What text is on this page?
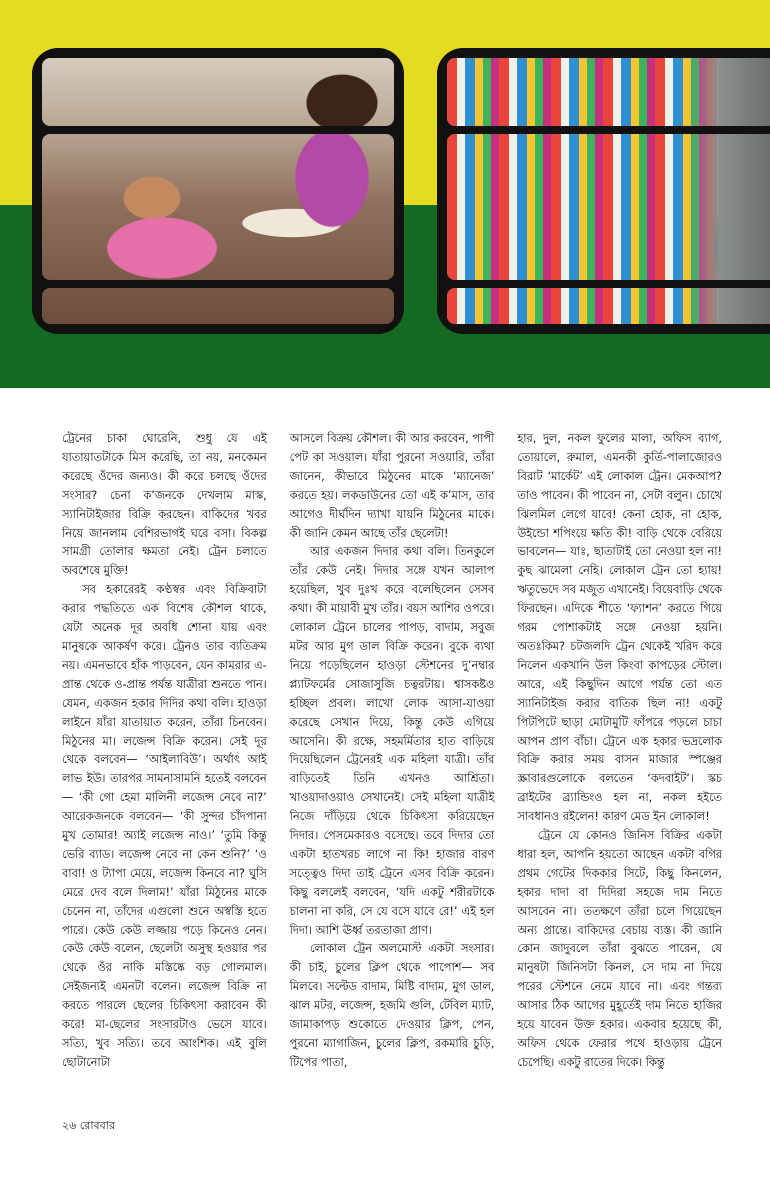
ট্রেনের চাকা ঘোরেনি, শুধু যে এই যাতায়াতটাকে মিস করেছি, তা নয়, মনকেমন করেছে ওঁদের জন্যও। কী করে চলছে ওঁদের সংসার? চেনা ক’জনকে দেখলাম মাস্ক, স্যানিটাইজার বিক্রি করছেন। বাকিদের খবর নিয়ে জানলাম বেশিরভাগই ঘরে বসা। বিকল্প সামগ্রী তোলার ক্ষমতা নেই। ট্রেন চলাতে অবশেষে মুক্তি!

সব হকারেরই কণ্ঠস্বর এবং বিক্রিবাটা করার পদ্ধতিতে এক বিশেষ কৌশল থাকে, যেটা অনেক দূর অবধি শোনা যায় এবং মানুষকে আকর্ষণ করে। ট্রেনও তার ব্যতিক্রম নয়। এমনভাবে হাঁক পাড়বেন, যেন কামরার এ-প্রান্ত থেকে ও-প্রান্ত পর্যন্ত যাত্রীরা শুনতে পান। যেমন, একজন হকার দিদির কথা বলি। হাওড়া লাইনে যাঁরা যাতায়াত করেন, তাঁরা চিনবেন। মিঠুনের মা। লজেন্স বিক্রি করেন। সেই দূর থেকে বলবেন— ‘আইলাবিউ’। অর্থাৎ আই লাভ ইউ। তারপর সামনাসামনি হতেই বলবেন— ‘কী গো হেমা মালিনী লজেন্স নেবে না?’ আরেকজনকে বলবেন— ‘কী সুন্দর চাঁদপানা মুখ তোমার! অ্যাই লজেন্স নাও।’ ‘তুমি কিন্তু ভেরি ব্যাড। লজেন্স নেবে না কেন শুনি?’ ‘ও বাবা! ও ট্যাপা মেয়ে, লজেন্স কিনবে না? ঘুসি মেরে দেব বলে দিলাম!’ যাঁরা মিঠুনের মাকে চেনেন না, তাঁদের এগুলো শুনে অস্বস্তি হতে পারে। কেউ কেউ লজ্জায় পড়ে কিনেও নেন। কেউ কেউ বলেন, ছেলেটা অসুস্থ হওয়ার পর থেকে ওঁর নাকি মস্তিষ্কে বড় গোলমাল। সেইজন্যই এমনটা বলেন। লজেন্স বিক্রি না করতে পারলে ছেলের চিকিৎসা করাবেন কী করে! মা-ছেলের সংসারটাও ভেসে যাবে। সত্যি, খুব সত্যি। তবে আংশিক। এই বুলি ছোটানোটা

আসলে বিক্রয় কৌশল। কী আর করবেন, পাপী পেট কা সওয়াল। যাঁরা পুরনো সওয়ারি, তাঁরা জানেন, কীভাবে মিঠুনের মাকে ‘ম্যানেজ’ করতে হয়। লকডাউনের তো এই ক’মাস, তার আগেও দীর্ঘদিন দ্যাখা যায়নি মিঠুনের মাকে। কী জানি কেমন আছে তাঁর ছেলেটা!

আর একজন দিদার কথা বলি। তিনকুলে তাঁর কেউ নেই। দিদার সঙ্গে যখন আলাপ হয়েছিল, খুব দুঃখ করে বলেছিলেন সেসব কথা। কী মায়াবী মুখ তাঁর। বয়স আশির ওপরে। লোকাল ট্রেনে চালের পাপড়, বাদাম, সবুজ মটর আর মুগ ডাল বিক্রি করেন। বুকে ব্যথা নিয়ে পড়েছিলেন হাওড়া স্টেশনের দু’নম্বার প্ল্যাটফর্মের সোজাসুজি চত্বরটায়। শ্বাসকষ্টও হচ্ছিল প্রবল। লাখো লোক আসা-যাওয়া করেছে সেখান দিয়ে, কিন্তু কেউ এগিয়ে আসেনি। কী রক্ষে, সহমর্মিতার হাত বাড়িয়ে দিয়েছিলেন ট্রেনেরই এক মহিলা যাত্রী। তাঁর বাড়িতেই তিনি এখনও আশ্রিতা। খাওয়াদাওয়াও সেখানেই। সেই মহিলা যাত্রীই নিজে দাঁড়িয়ে থেকে চিকিৎসা করিয়েছেন দিদার। পেসমেকারও বসেছে। তবে দিদার তো একটা হাতখরচ লাগে না কি! হাজার বারণ সত্ত্বেও দিদা তাই ট্রেনে এসব বিক্রি করেন। কিছু বললেই বলবেন, ‘যদি একটু শরীরটাকে চালনা না করি, সে যে বসে যাবে রে!’ এই হল দিদা। আশি ঊর্ধ্ব তরতাজা প্রাণ।

লোকাল ট্রেন অলমোস্ট একটা সংসার। কী চাই, চুলের ক্লিপ থেকে পাপোশ— সব মিলবে। সল্টেড বাদাম, মিষ্টি বাদাম, মুগ ডাল, ঝাল মটর, লজেন্স, হজমি গুলি, টেবিল ম্যাট, জামাকাপড় শুকোতে দেওয়ার ক্লিপ, পেন, পুরনো ম্যাগাজিন, চুলের ক্লিপ, রকমারি চুড়ি, টিপের পাতা,

হার, দুল, নকল ফুলের মালা, অফিস ব্যাগ, তোয়ালে, রুমাল, এমনকী কুর্তি-পালাজোরও বিরাট ‘মার্কেট’ এই লোকাল ট্রেন। মেকআপ? তাও পাবেন। কী পাবেন না, সেটা বলুন। চোখে ঝিলমিল লেগে যাবে! কেনা হোক, না হোক, উইন্ডো শপিংয়ে ক্ষতি কী! বাড়ি থেকে বেরিয়ে ভাবলেন— যাঃ, ছাতাটাই তো নেওয়া হল না! কুছ ঝামেলা নেহি। লোকাল ট্রেন তো হ্যায়! ঋতুভেদে সব মজুত এখানেই। বিয়েবাড়ি থেকে ফিরছেন। এদিকে শীতে ‘ফ্যাশন’ করতে গিয়ে গরম পোশাকটাই সঙ্গে নেওয়া হয়নি। অতঃকিম? চটজলদি ট্রেন থেকেই খরিদ করে নিলেন একখানি উল কিংবা কাপড়ের স্টোল। আরে, এই কিছুদিন আগে পর্যন্ত তো এত স্যানিটাইজ করার বাতিক ছিল না! একটু পিটপিটে ছাড়া মোটামুটি ফাঁপরে পড়লে চাচা আপন প্রাণ বাঁচা। ট্রেনে এক হকার ভদ্রলোক বিক্রি করার সময় বাসন মাজার স্পঞ্জের স্ক্রাবারগুলোকে বলতেন ‘কদবাইট’। স্কচ ব্রাইটের ব্র্যান্ডিংও হল না, নকল হইতে সাবধানও রইলেন! কারণ মেড ইন লোকাল!

ট্রেনে যে কোনও জিনিস বিক্রির একটা ধারা হল, আপনি হয়তো আছেন একটা বগির প্রথম গেটের দিককার সিটে, কিছু কিনলেন, হকার দাদা বা দিদিরা সহজে দাম নিতে আসবেন না। ততক্ষণে তাঁরা চলে গিয়েছেন অন্য প্রান্তে। বাকিদের বেচায় ব্যস্ত। কী জানি কোন জাদুবলে তাঁরা বুঝতে পারেন, যে মানুষটা জিনিসটা কিনল, সে দাম না দিয়ে পরের স্টেশনে নেমে যাবে না। এবং গন্তব্য আসার ঠিক আগের মুহূর্তেই দাম নিতে হাজির হয়ে যাবেন উক্ত হকার। একবার হয়েছে কী, অফিস থেকে ফেরার পথে হাওড়ায় ট্রেনে চেপেছি। একটু রাতের দিকে। কিন্তু

২৬ রোববার
